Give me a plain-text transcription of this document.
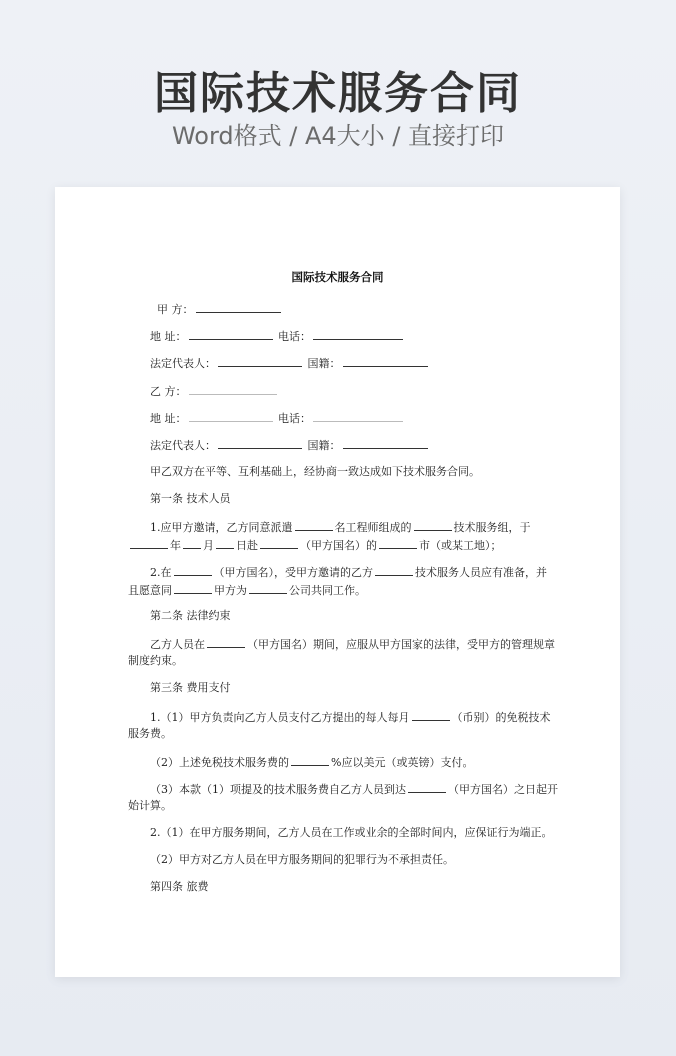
国际技术服务合同
Word格式 / A4大小 / 直接打印
国际技术服务合同
甲 方：
地 址：	电话：
法定代表人：	国籍：
乙 方：
地 址：	电话：
法定代表人：	国籍：
甲乙双方在平等、互利基础上，经协商一致达成如下技术服务合同。
第一条 技术人员
1.应甲方邀请，乙方同意派遣	名工程师组成的	技术服务组，于
年 月 日赴	（甲方国名）的	市（或某工地）；
2.在	（甲方国名），受甲方邀请的乙方	技术服务人员应有准备，并
且愿意同	甲方为	公司共同工作。
第二条 法律约束
乙方人员在	（甲方国名）期间，应服从甲方国家的法律，受甲方的管理规章
制度约束。
第三条 费用支付
1.（1）甲方负责向乙方人员支付乙方提出的每人每月	（币别）的免税技术
服务费。
（2）上述免税技术服务费的	%应以美元（或英镑）支付。
（3）本款（1）项提及的技术服务费自乙方人员到达	（甲方国名）之日起开
始计算。
2.（1）在甲方服务期间，乙方人员在工作或业余的全部时间内，应保证行为端正。
（2）甲方对乙方人员在甲方服务期间的犯罪行为不承担责任。
第四条 旅费
